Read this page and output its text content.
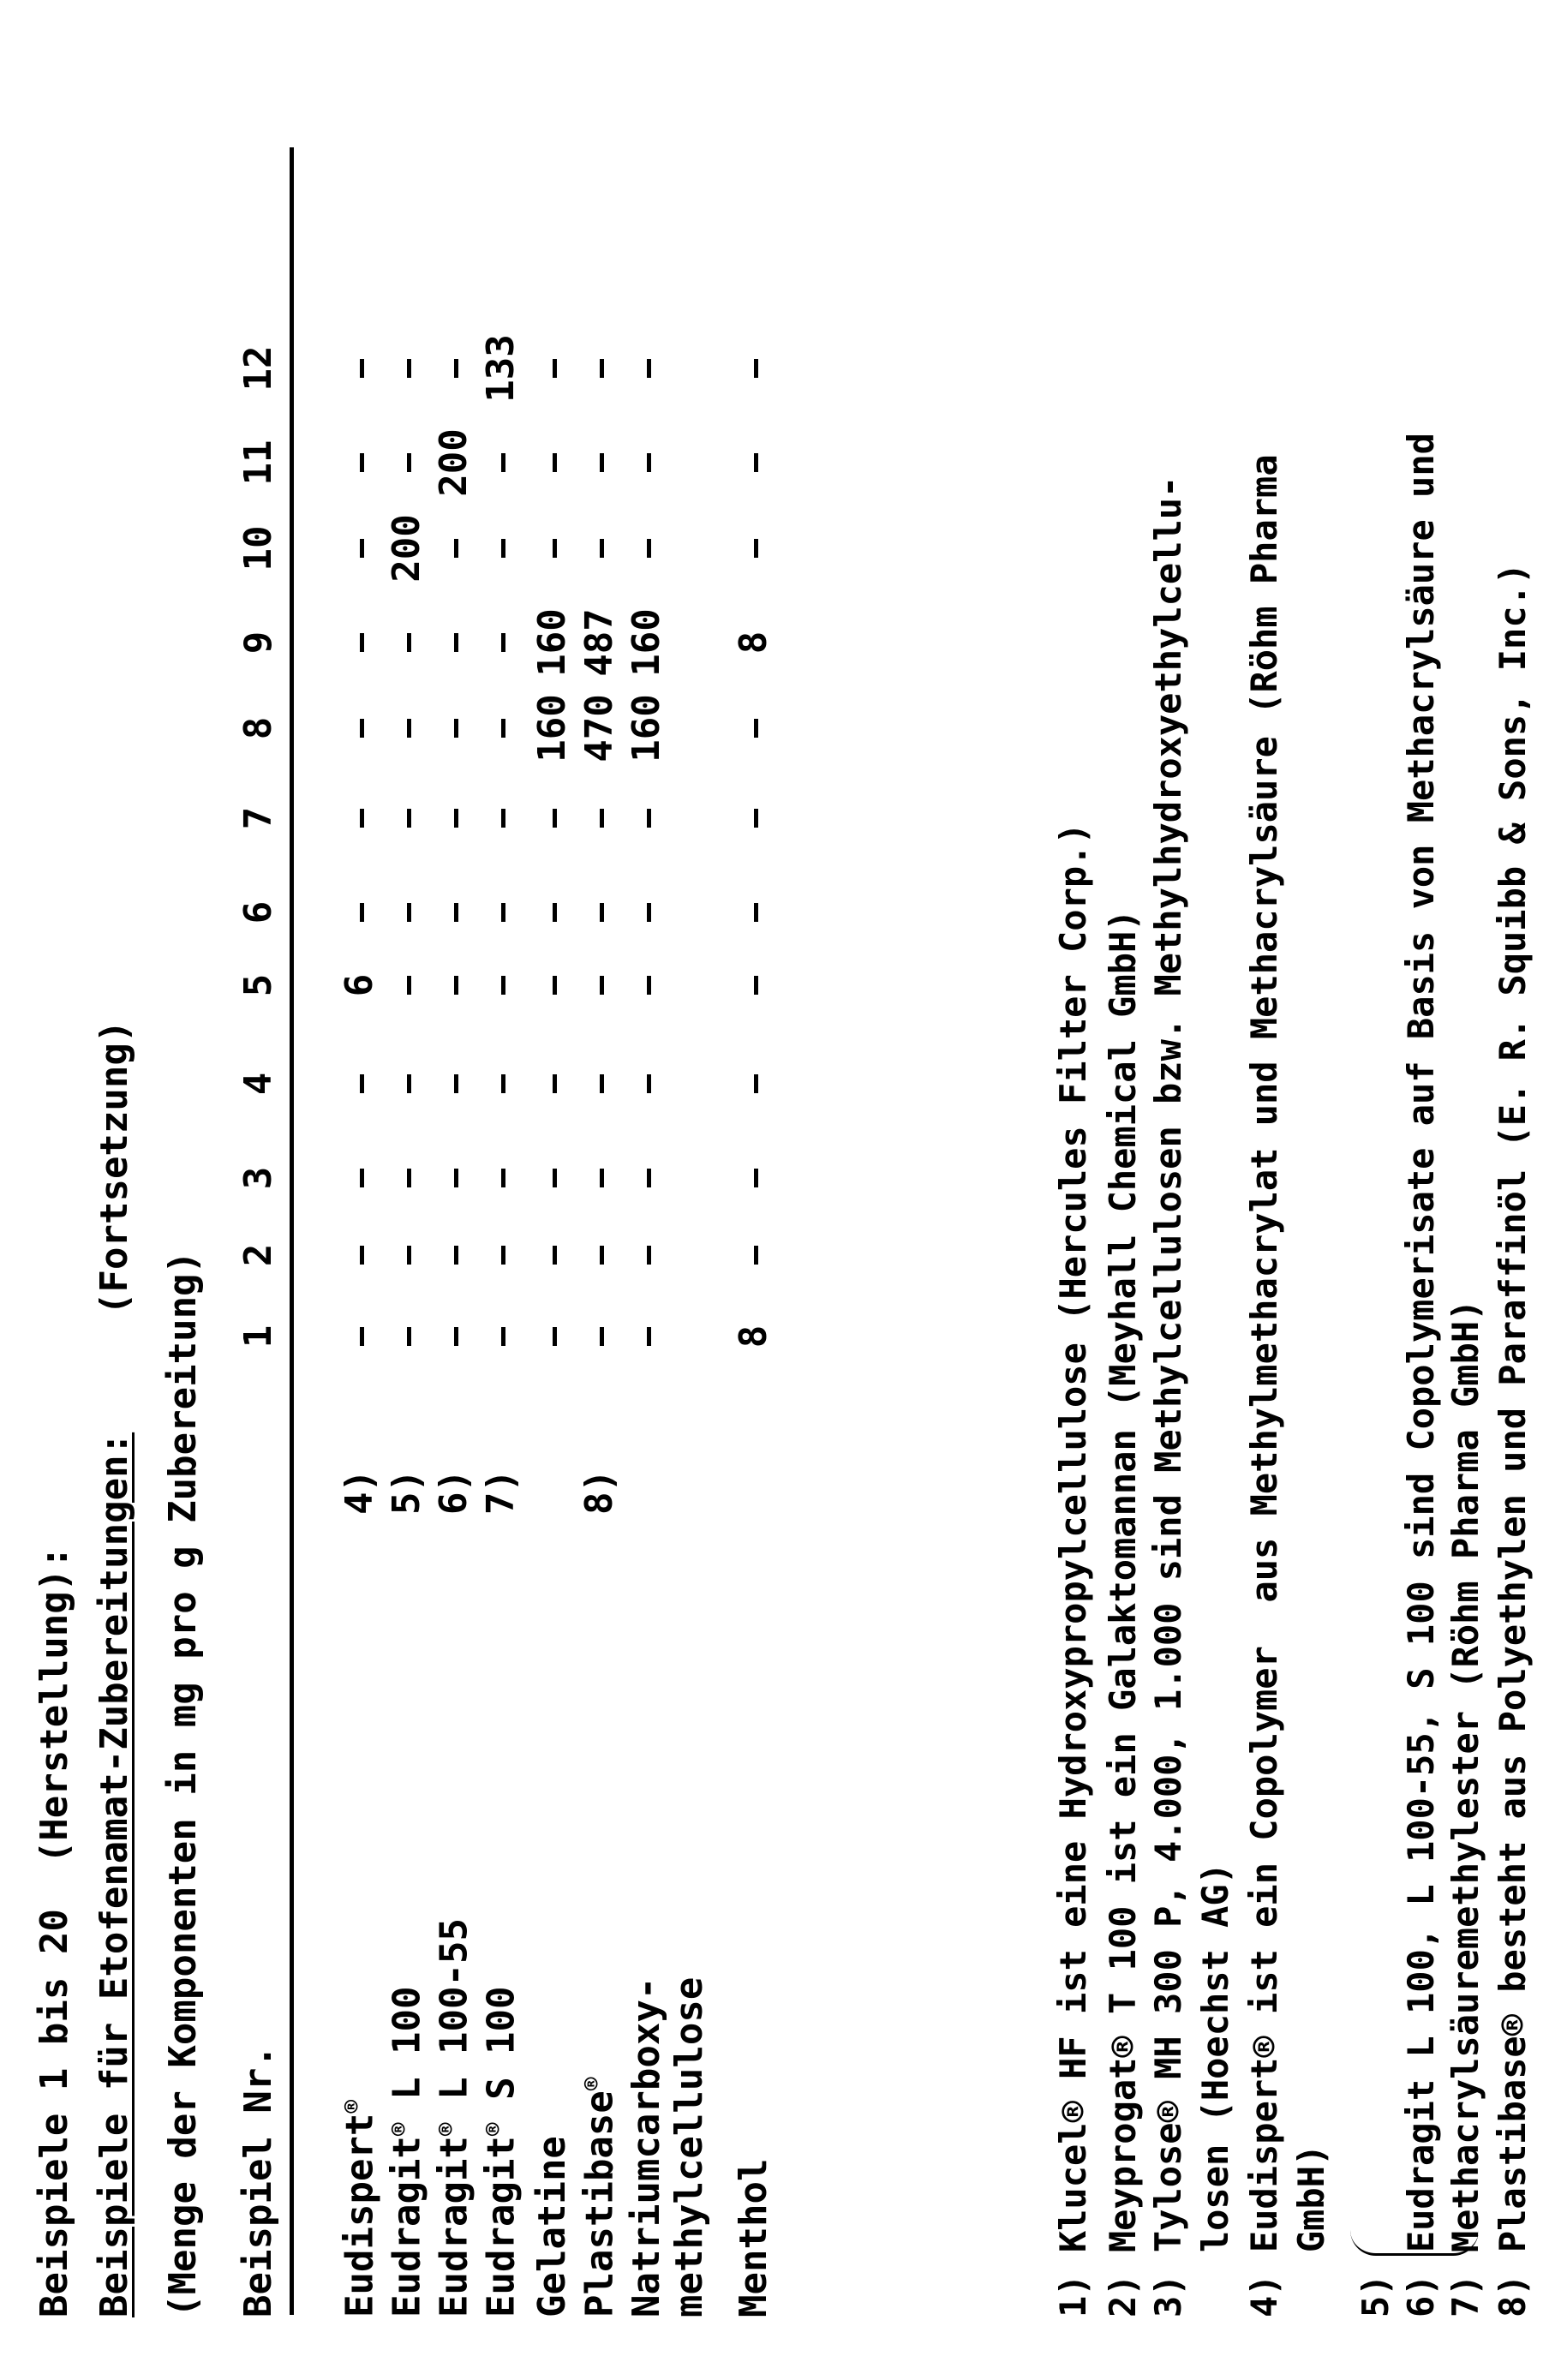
Beispiele 1 bis 20  (Herstellung): Beispiele für Etofenamat-Zubereitungen:
(Fortsetzung)
(Menge der Komponenten in mg pro g Zubereitung) Beispiel Nr.
1
2
3
4
5
6
7
8
9
10
11
12
Eudispert®
4)
6
Eudragit® L 100
5)
200
Eudragit® L 100-55
6)
200
Eudragit® S 100
7)
133
Gelatine
160
160
Plastibase®
8)
470
487
Natriumcarboxy-
160
160
methylcellulose Menthol
8
8
1) Klucel® HF ist eine Hydroxypropylcellulose (Hercules Filter Corp.) 2) Meyprogat® T 100 ist ein Galaktomannan (Meyhall Chemical GmbH) 3) Tylose® MH 300 P, 4.000, 1.000 sind Methylcellulosen bzw. Methylhydroxyethylcellu- losen (Hoechst AG) 4) Eudispert® ist ein Copolymer  aus Methylmethacrylat und Methacrylsäure (Röhm Pharma GmbH) 5) 6) Eudragit L 100, L 100-55, S 100 sind Copolymerisate auf Basis von Methacrylsäure und 7) Methacrylsäuremethylester (Röhm Pharma GmbH) 8) Plastibase® besteht aus Polyethylen und Paraffinöl (E. R. Squibb & Sons, Inc.)
